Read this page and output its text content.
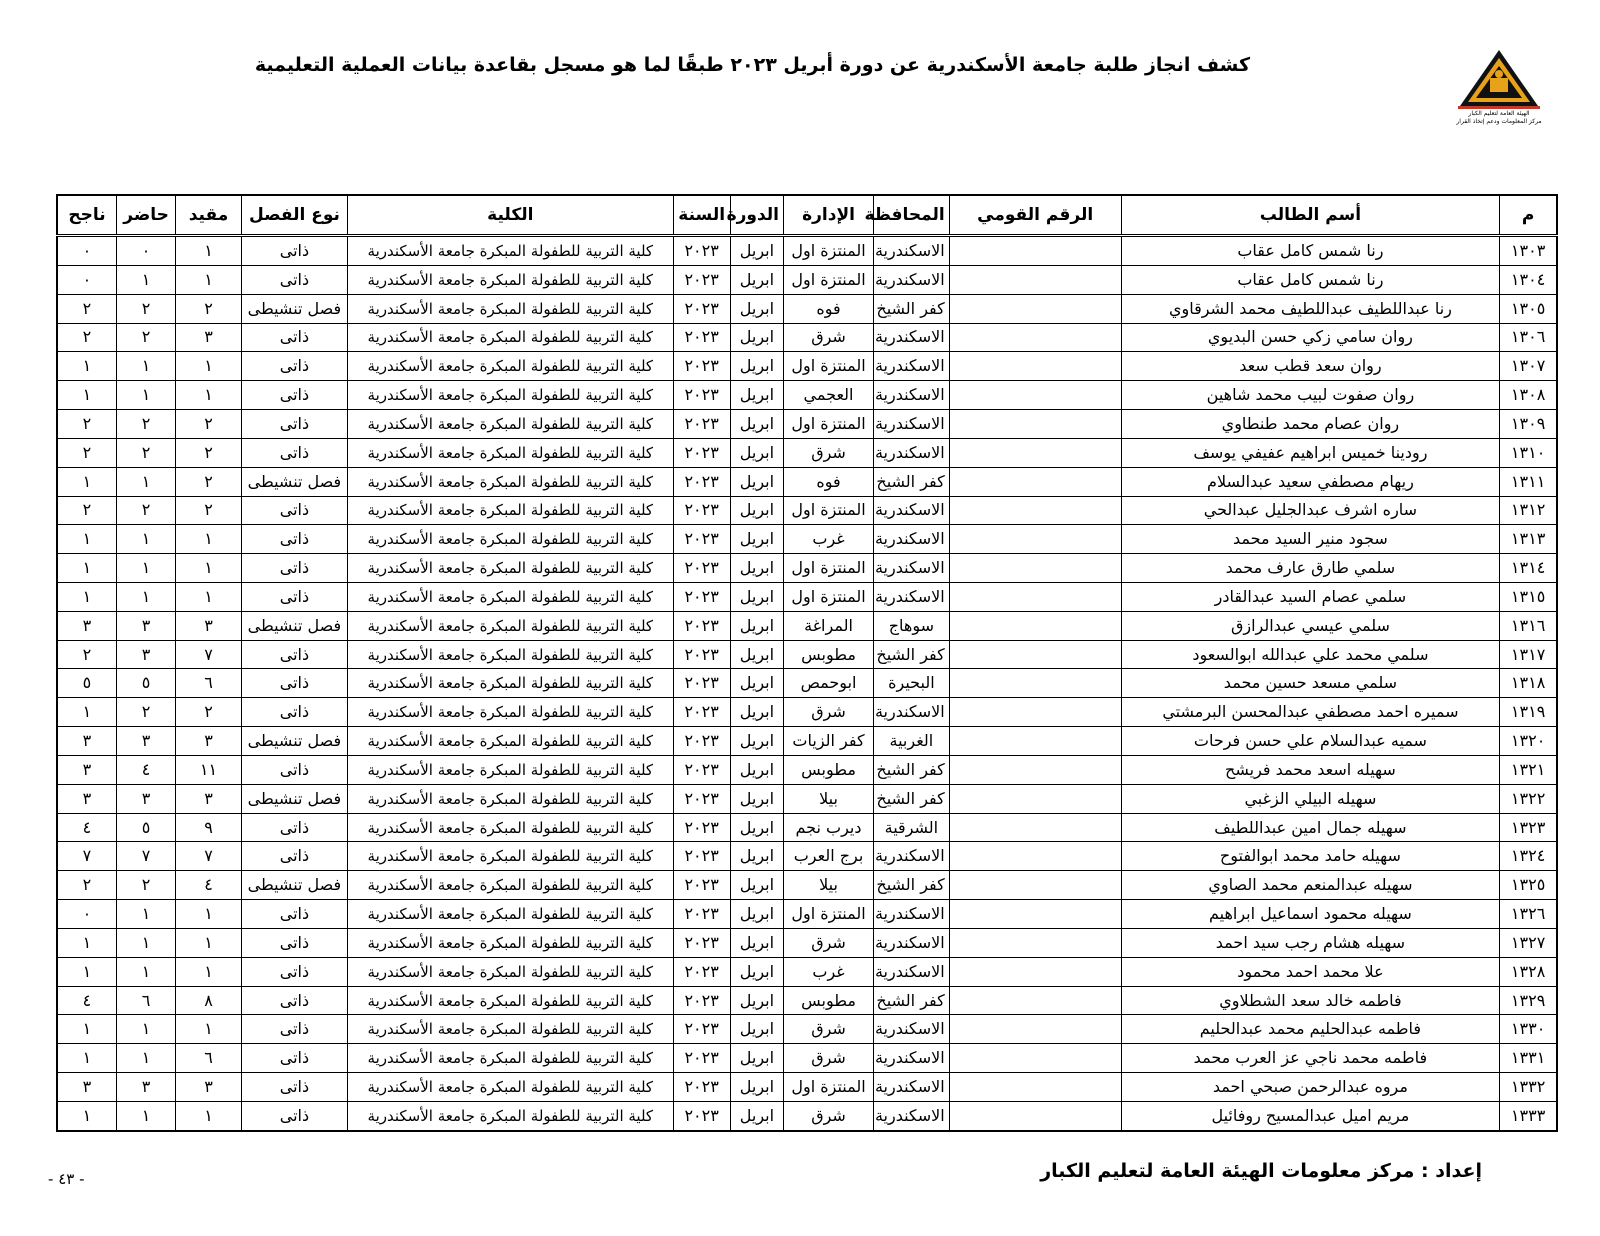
الهيئة العامة لتعليم الكبار
مركز المعلومات ودعم إتخاذ القرار
كشف انجاز طلبة جامعة الأسكندرية عن دورة أبريل ٢٠٢٣ طبقًا لما هو مسجل بقاعدة بيانات العملية التعليمية
م	أسم الطالب	الرقم القومي	المحافظة	الإدارة	الدورة	السنة	الكلية	نوع الفصل	مقيد	حاضر	ناجح
١٣٠٣	رنا شمس كامل عقاب		الاسكندرية	المنتزة اول	ابريل	٢٠٢٣	كلية التربية للطفولة المبكرة جامعة الأسكندرية	ذاتى	١	٠	٠
١٣٠٤	رنا شمس كامل عقاب		الاسكندرية	المنتزة اول	ابريل	٢٠٢٣	كلية التربية للطفولة المبكرة جامعة الأسكندرية	ذاتى	١	١	٠
١٣٠٥	رنا عبداللطيف عبداللطيف محمد الشرقاوي		كفر الشيخ	فوه	ابريل	٢٠٢٣	كلية التربية للطفولة المبكرة جامعة الأسكندرية	فصل تنشيطى	٢	٢	٢
١٣٠٦	روان سامي زكي حسن البديوي		الاسكندرية	شرق	ابريل	٢٠٢٣	كلية التربية للطفولة المبكرة جامعة الأسكندرية	ذاتى	٣	٢	٢
١٣٠٧	روان سعد قطب سعد		الاسكندرية	المنتزة اول	ابريل	٢٠٢٣	كلية التربية للطفولة المبكرة جامعة الأسكندرية	ذاتى	١	١	١
١٣٠٨	روان صفوت لبيب محمد شاهين		الاسكندرية	العجمي	ابريل	٢٠٢٣	كلية التربية للطفولة المبكرة جامعة الأسكندرية	ذاتى	١	١	١
١٣٠٩	روان عصام محمد طنطاوي		الاسكندرية	المنتزة اول	ابريل	٢٠٢٣	كلية التربية للطفولة المبكرة جامعة الأسكندرية	ذاتى	٢	٢	٢
١٣١٠	رودينا خميس ابراهيم عفيفي يوسف		الاسكندرية	شرق	ابريل	٢٠٢٣	كلية التربية للطفولة المبكرة جامعة الأسكندرية	ذاتى	٢	٢	٢
١٣١١	ريهام مصطفي سعيد عبدالسلام		كفر الشيخ	فوه	ابريل	٢٠٢٣	كلية التربية للطفولة المبكرة جامعة الأسكندرية	فصل تنشيطى	٢	١	١
١٣١٢	ساره اشرف عبدالجليل عبدالحي		الاسكندرية	المنتزة اول	ابريل	٢٠٢٣	كلية التربية للطفولة المبكرة جامعة الأسكندرية	ذاتى	٢	٢	٢
١٣١٣	سجود منير السيد محمد		الاسكندرية	غرب	ابريل	٢٠٢٣	كلية التربية للطفولة المبكرة جامعة الأسكندرية	ذاتى	١	١	١
١٣١٤	سلمي طارق عارف محمد		الاسكندرية	المنتزة اول	ابريل	٢٠٢٣	كلية التربية للطفولة المبكرة جامعة الأسكندرية	ذاتى	١	١	١
١٣١٥	سلمي عصام السيد عبدالقادر		الاسكندرية	المنتزة اول	ابريل	٢٠٢٣	كلية التربية للطفولة المبكرة جامعة الأسكندرية	ذاتى	١	١	١
١٣١٦	سلمي عيسي عبدالرازق		سوهاج	المراغة	ابريل	٢٠٢٣	كلية التربية للطفولة المبكرة جامعة الأسكندرية	فصل تنشيطى	٣	٣	٣
١٣١٧	سلمي محمد علي عبدالله ابوالسعود		كفر الشيخ	مطوبس	ابريل	٢٠٢٣	كلية التربية للطفولة المبكرة جامعة الأسكندرية	ذاتى	٧	٣	٢
١٣١٨	سلمي مسعد حسين محمد		البحيرة	ابوحمص	ابريل	٢٠٢٣	كلية التربية للطفولة المبكرة جامعة الأسكندرية	ذاتى	٦	٥	٥
١٣١٩	سميره احمد مصطفي عبدالمحسن البرمشتي		الاسكندرية	شرق	ابريل	٢٠٢٣	كلية التربية للطفولة المبكرة جامعة الأسكندرية	ذاتى	٢	٢	١
١٣٢٠	سميه عبدالسلام علي حسن فرحات		الغربية	كفر الزيات	ابريل	٢٠٢٣	كلية التربية للطفولة المبكرة جامعة الأسكندرية	فصل تنشيطى	٣	٣	٣
١٣٢١	سهيله اسعد محمد فريشح		كفر الشيخ	مطوبس	ابريل	٢٠٢٣	كلية التربية للطفولة المبكرة جامعة الأسكندرية	ذاتى	١١	٤	٣
١٣٢٢	سهيله البيلي الزغبي		كفر الشيخ	بيلا	ابريل	٢٠٢٣	كلية التربية للطفولة المبكرة جامعة الأسكندرية	فصل تنشيطى	٣	٣	٣
١٣٢٣	سهيله جمال امين عبداللطيف		الشرقية	ديرب نجم	ابريل	٢٠٢٣	كلية التربية للطفولة المبكرة جامعة الأسكندرية	ذاتى	٩	٥	٤
١٣٢٤	سهيله حامد محمد ابوالفتوح		الاسكندرية	برج العرب	ابريل	٢٠٢٣	كلية التربية للطفولة المبكرة جامعة الأسكندرية	ذاتى	٧	٧	٧
١٣٢٥	سهيله عبدالمنعم محمد الصاوي		كفر الشيخ	بيلا	ابريل	٢٠٢٣	كلية التربية للطفولة المبكرة جامعة الأسكندرية	فصل تنشيطى	٤	٢	٢
١٣٢٦	سهيله محمود اسماعيل ابراهيم		الاسكندرية	المنتزة اول	ابريل	٢٠٢٣	كلية التربية للطفولة المبكرة جامعة الأسكندرية	ذاتى	١	١	٠
١٣٢٧	سهيله هشام رجب سيد احمد		الاسكندرية	شرق	ابريل	٢٠٢٣	كلية التربية للطفولة المبكرة جامعة الأسكندرية	ذاتى	١	١	١
١٣٢٨	علا محمد احمد محمود		الاسكندرية	غرب	ابريل	٢٠٢٣	كلية التربية للطفولة المبكرة جامعة الأسكندرية	ذاتى	١	١	١
١٣٢٩	فاطمه خالد سعد الشطلاوي		كفر الشيخ	مطوبس	ابريل	٢٠٢٣	كلية التربية للطفولة المبكرة جامعة الأسكندرية	ذاتى	٨	٦	٤
١٣٣٠	فاطمه عبدالحليم محمد عبدالحليم		الاسكندرية	شرق	ابريل	٢٠٢٣	كلية التربية للطفولة المبكرة جامعة الأسكندرية	ذاتى	١	١	١
١٣٣١	فاطمه محمد ناجي عز العرب محمد		الاسكندرية	شرق	ابريل	٢٠٢٣	كلية التربية للطفولة المبكرة جامعة الأسكندرية	ذاتى	٦	١	١
١٣٣٢	مروه عبدالرحمن صبحي احمد		الاسكندرية	المنتزة اول	ابريل	٢٠٢٣	كلية التربية للطفولة المبكرة جامعة الأسكندرية	ذاتى	٣	٣	٣
١٣٣٣	مريم اميل عبدالمسيح روفائيل		الاسكندرية	شرق	ابريل	٢٠٢٣	كلية التربية للطفولة المبكرة جامعة الأسكندرية	ذاتى	١	١	١
إعداد : مركز معلومات الهيئة العامة لتعليم الكبار
- ٤٣ -
